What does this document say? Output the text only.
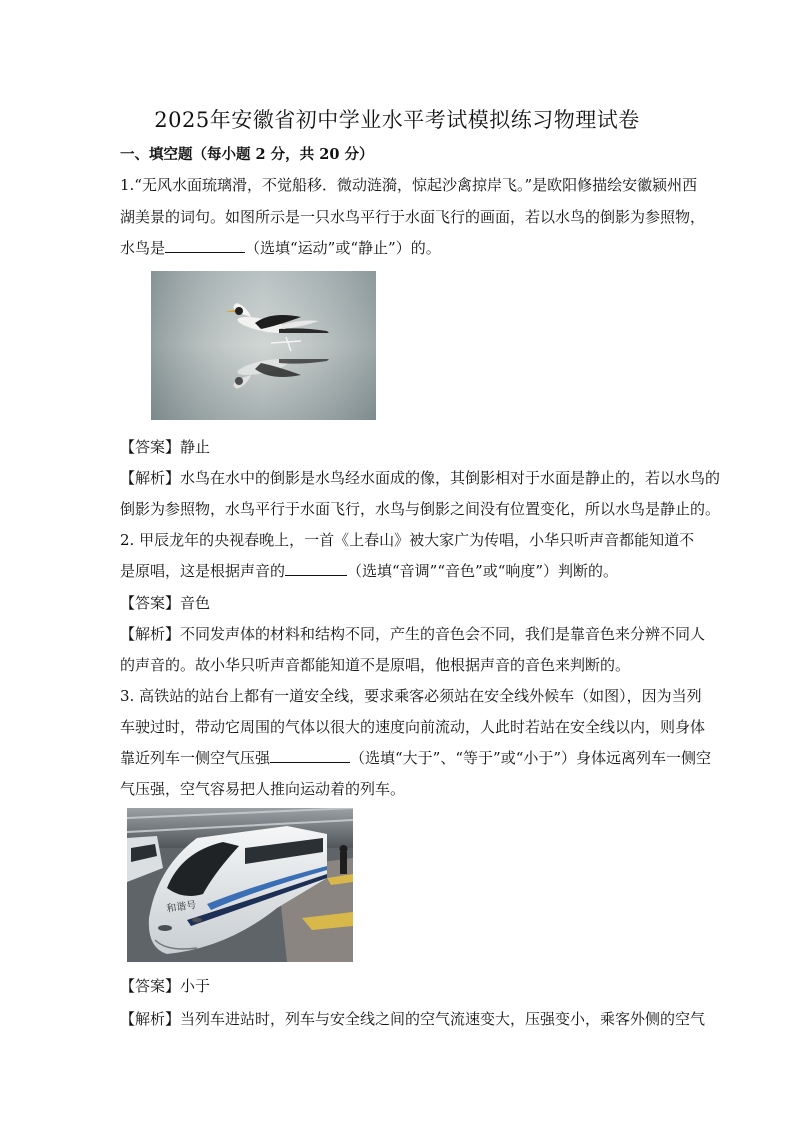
2025年安徽省初中学业水平考试模拟练习物理试卷
一、填空题（每小题 2 分，共 20 分）
1.“无风水面琉璃滑，不觉船移．微动涟漪，惊起沙禽掠岸飞。”是欧阳修描绘安徽颍州西
湖美景的词句。如图所示是一只水鸟平行于水面飞行的画面，若以水鸟的倒影为参照物，
水鸟是	（选填“运动”或“静止”）的。
【答案】静止
【解析】水鸟在水中的倒影是水鸟经水面成的像，其倒影相对于水面是静止的，若以水鸟的
倒影为参照物，水鸟平行于水面飞行，水鸟与倒影之间没有位置变化，所以水鸟是静止的。
2. 甲辰龙年的央视春晚上，一首《上春山》被大家广为传唱，小华只听声音都能知道不
是原唱，这是根据声音的	（选填“音调”“音色”或“响度”）判断的。
【答案】音色
【解析】不同发声体的材料和结构不同，产生的音色会不同，我们是靠音色来分辨不同人
的声音的。故小华只听声音都能知道不是原唱，他根据声音的音色来判断的。
3. 高铁站的站台上都有一道安全线，要求乘客必须站在安全线外候车（如图），因为当列
车驶过时，带动它周围的气体以很大的速度向前流动，人此时若站在安全线以内，则身体
靠近列车一侧空气压强	（选填“大于”、“等于”或“小于”）身体远离列车一侧空
气压强，空气容易把人推向运动着的列车。
和谐号
【答案】小于
【解析】当列车进站时，列车与安全线之间的空气流速变大，压强变小，乘客外侧的空气
